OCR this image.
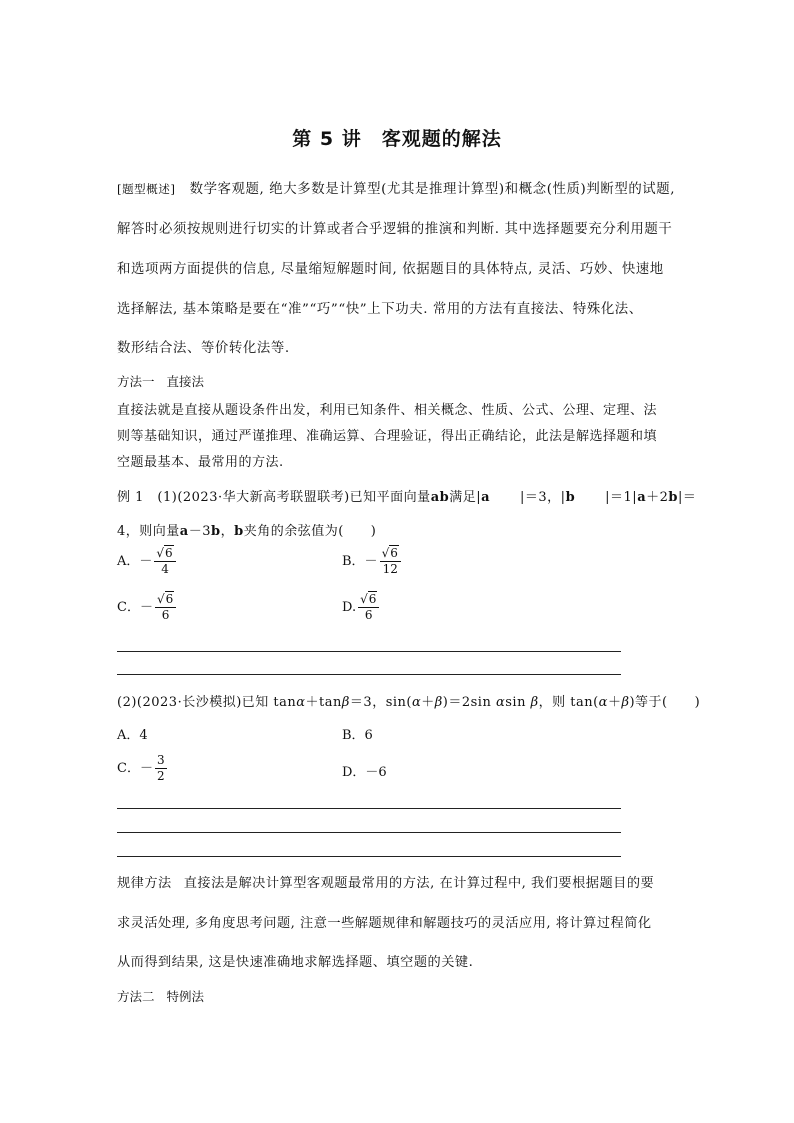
第 5 讲　客观题的解法
[题型概述] 数学客观题, 绝大多数是计算型(尤其是推理计算型)和概念(性质)判断型的试题,
解答时必须按规则进行切实的计算或者合乎逻辑的推演和判断. 其中选择题要充分利用题干
和选项两方面提供的信息, 尽量缩短解题时间, 依据题目的具体特点, 灵活、巧妙、快速地
选择解法, 基本策略是要在“准”“巧”“快”上下功夫. 常用的方法有直接法、特殊化法、
数形结合法、等价转化法等.
方法一 直接法
直接法就是直接从题设条件出发，利用已知条件、相关概念、性质、公式、公理、定理、法
则等基础知识，通过严谨推理、准确运算、合理验证，得出正确结论，此法是解选择题和填
空题最基本、最常用的方法.
例 1　(1)(2023·华大新高考联盟联考)已知平面向量ab满足|a |＝3，|b |＝1|a＋2b|＝
4，则向量a－3b，b夹角的余弦值为(　　)
A．－ $\frac{√6}{4}$	B．－ $\frac{√6}{12}$
C．－ $\frac{√6}{6}$	D. $\frac{√6}{6}$
(2)(2023·长沙模拟)已知 tanα＋tanβ＝3，sin(α＋β)＝2sin αsin β，则 tan(α＋β)等于(　　)
A．4	B．6
C．－ $\frac{3}{2}$	D．－6
规律方法 直接法是解决计算型客观题最常用的方法, 在计算过程中, 我们要根据题目的要
求灵活处理, 多角度思考问题, 注意一些解题规律和解题技巧的灵活应用, 将计算过程简化
从而得到结果, 这是快速准确地求解选择题、填空题的关键.
方法二 特例法
